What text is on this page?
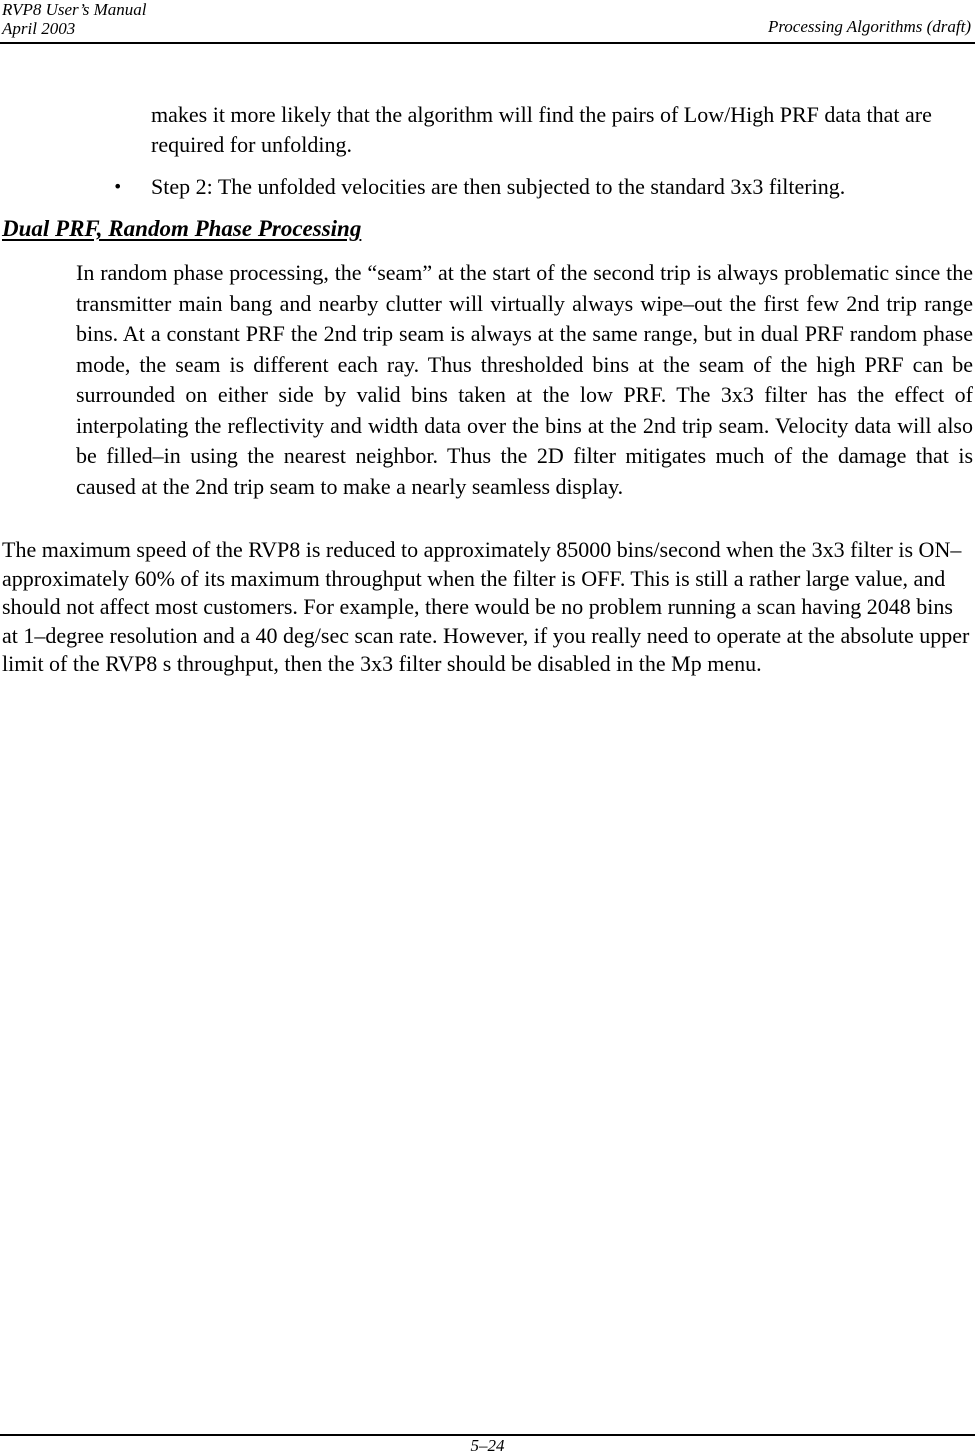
RVP8 User’s Manual
April 2003	Processing Algorithms (draft)

makes it more likely that the algorithm will find the pairs of Low/High PRF data that are required for unfolding.

• Step 2: The unfolded velocities are then subjected to the standard 3x3 filtering.
Dual PRF, Random Phase Processing

In random phase processing, the “seam” at the start of the second trip is always problematic since the transmitter main bang and nearby clutter will virtually always wipe–out the first few 2nd trip range bins. At a constant PRF the 2nd trip seam is always at the same range, but in dual PRF random phase mode, the seam is different each ray. Thus thresholded bins at the seam of the high PRF can be surrounded on either side by valid bins taken at the low PRF. The 3x3 filter has the effect of interpolating the reflectivity and width data over the bins at the 2nd trip seam. Velocity data will also be filled–in using the nearest neighbor. Thus the 2D filter mitigates much of the damage that is caused at the 2nd trip seam to make a nearly seamless display.

The maximum speed of the RVP8 is reduced to approximately 85000 bins/second when the 3x3 filter is ON– approximately 60% of its maximum throughput when the filter is OFF. This is still a rather large value, and should not affect most customers. For example, there would be no problem running a scan having 2048 bins at 1–degree resolution and a 40 deg/sec scan rate. However, if you really need to operate at the absolute upper limit of the RVP8 s throughput, then the 3x3 filter should be disabled in the Mp menu.

5–24
